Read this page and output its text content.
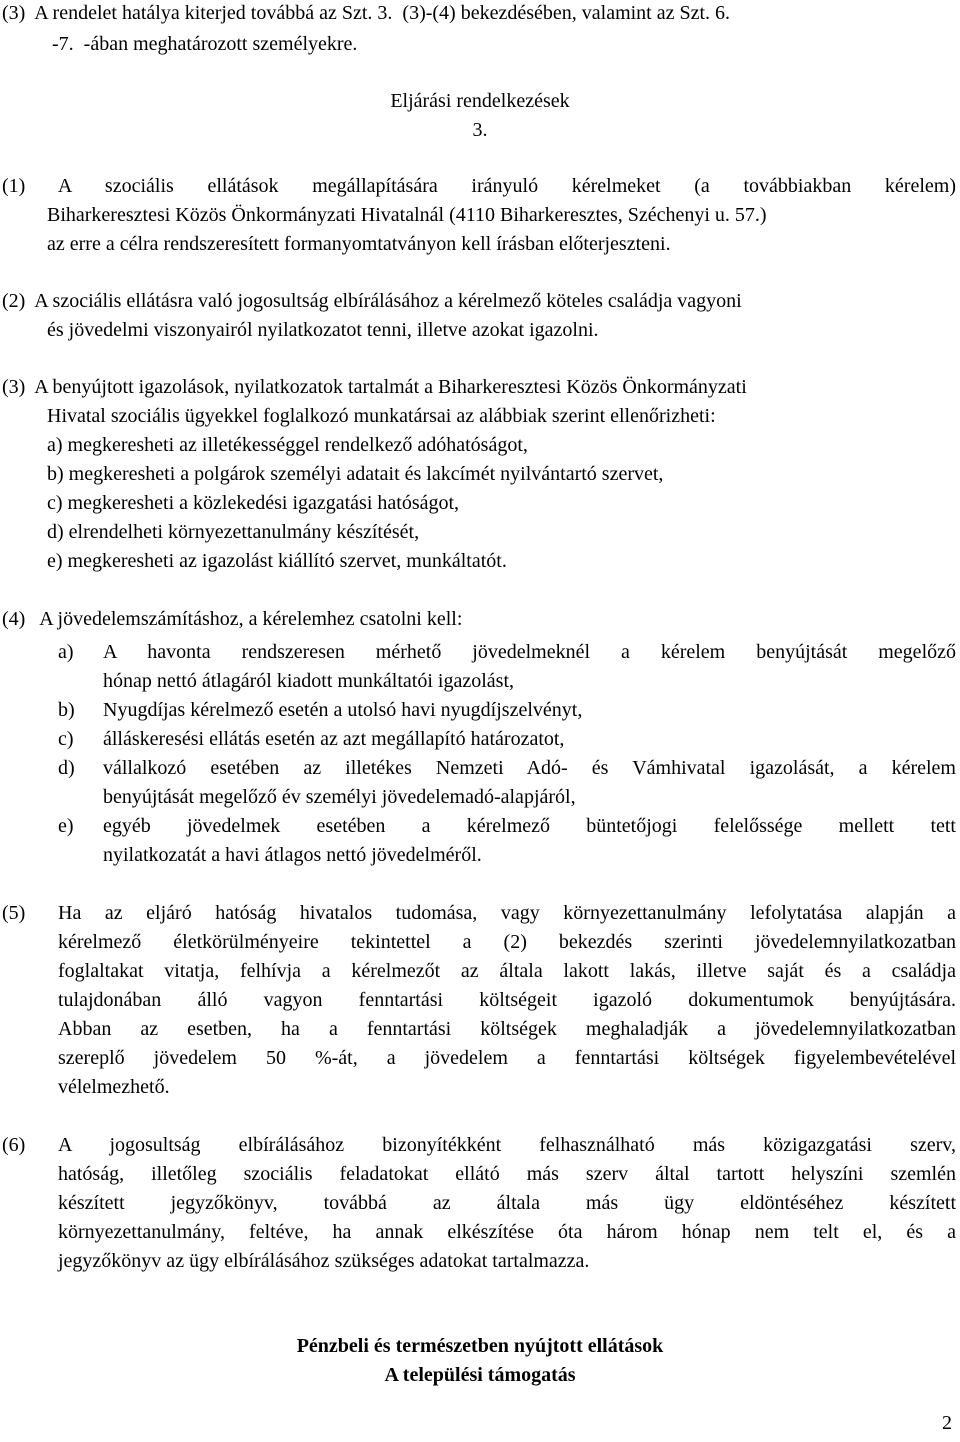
(3)  A rendelet hatálya kiterjed továbbá az Szt. 3.  (3)-(4) bekezdésében, valamint az Szt. 6.
-7.  -ában meghatározott személyekre.
Eljárási rendelkezések
3.
(1) A szociális ellátások megállapítására irányuló kérelmeket (a továbbiakban kérelem)
Biharkeresztesi Közös Önkormányzati Hivatalnál (4110 Biharkeresztes, Széchenyi u. 57.)
az erre a célra rendszeresített formanyomtatványon kell írásban előterjeszteni.
(2)  A szociális ellátásra való jogosultság elbírálásához a kérelmező köteles családja vagyoni
és jövedelmi viszonyairól nyilatkozatot tenni, illetve azokat igazolni.
(3)  A benyújtott igazolások, nyilatkozatok tartalmát a Biharkeresztesi Közös Önkormányzati
Hivatal szociális ügyekkel foglalkozó munkatársai az alábbiak szerint ellenőrizheti:
a) megkeresheti az illetékességgel rendelkező adóhatóságot,
b) megkeresheti a polgárok személyi adatait és lakcímét nyilvántartó szervet,
c) megkeresheti a közlekedési igazgatási hatóságot,
d) elrendelheti környezettanulmány készítését,
e) megkeresheti az igazolást kiállító szervet, munkáltatót.
(4)   A jövedelemszámításhoz, a kérelemhez csatolni kell:
a) A havonta rendszeresen mérhető jövedelmeknél a kérelem benyújtását megelőző
hónap nettó átlagáról kiadott munkáltatói igazolást,
b) Nyugdíjas kérelmező esetén a utolsó havi nyugdíjszelvényt,
c) álláskeresési ellátás esetén az azt megállapító határozatot,
d) vállalkozó esetében az illetékes Nemzeti Adó- és Vámhivatal igazolását, a kérelem
benyújtását megelőző év személyi jövedelemadó-alapjáról,
e) egyéb jövedelmek esetében a kérelmező büntetőjogi felelőssége mellett tett
nyilatkozatát a havi átlagos nettó jövedelméről.
(5) Ha az eljáró hatóság hivatalos tudomása, vagy környezettanulmány lefolytatása alapján a
kérelmező életkörülményeire tekintettel a (2) bekezdés szerinti jövedelemnyilatkozatban
foglaltakat vitatja, felhívja a kérelmezőt az általa lakott lakás, illetve saját és a családja
tulajdonában álló vagyon fenntartási költségeit igazoló dokumentumok benyújtására.
Abban az esetben, ha a fenntartási költségek meghaladják a jövedelemnyilatkozatban
szereplő jövedelem 50 %-át, a jövedelem a fenntartási költségek figyelembevételével
vélelmezhető.
(6) A jogosultság elbírálásához bizonyítékként felhasználható más közigazgatási szerv,
hatóság, illetőleg szociális feladatokat ellátó más szerv által tartott helyszíni szemlén
készített jegyzőkönyv, továbbá az általa más ügy eldöntéséhez készített
környezettanulmány, feltéve, ha annak elkészítése óta három hónap nem telt el, és a
jegyzőkönyv az ügy elbírálásához szükséges adatokat tartalmazza.
Pénzbeli és természetben nyújtott ellátások
A települési támogatás
2
